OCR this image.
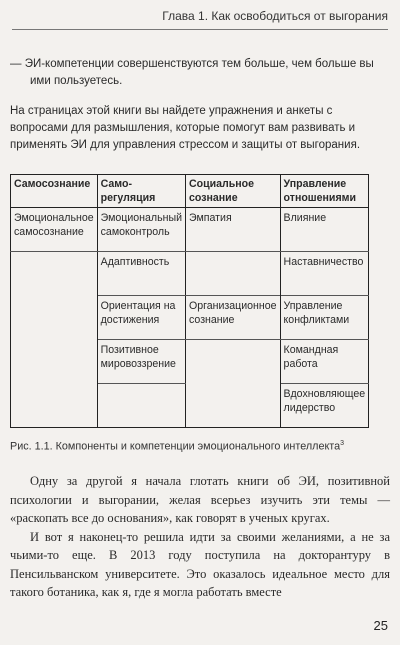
Глава 1. Как освободиться от выгорания
— ЭИ-компетенции совершенствуются тем больше, чем больше вы
ими пользуетесь.
На страницах этой книги вы найдете упражнения и анкеты с вопросами для размышления, которые помогут вам развивать и применять ЭИ для управления стрессом и защиты от выгорания.
Самосознание	Само-регуляция	Социальное сознание	Управление отношениями
Эмоциональное самосознание	Эмоциональный самоконтроль	Эмпатия	Влияние
	Адаптивность		Наставничество
	Ориентация на достижения	Организационное сознание	Управление конфликтами
	Позитивное мировоззрение		Командная работа
			Вдохновляющее лидерство
Рис. 1.1. Компоненты и компетенции эмоционального интеллекта$^3$

Одну за другой я начала глотать книги об ЭИ, позитивной психологии и выгорании, желая всерьез изучить эти темы — «раскопать все до основания», как говорят в ученых кругах.

И вот я наконец-то решила идти за своими желаниями, а не за чьими-то еще. В 2013 году поступила на докторантуру в Пенсильванском университете. Это оказалось идеальное место для такого ботаника, как я, где я могла работать вместе

25
